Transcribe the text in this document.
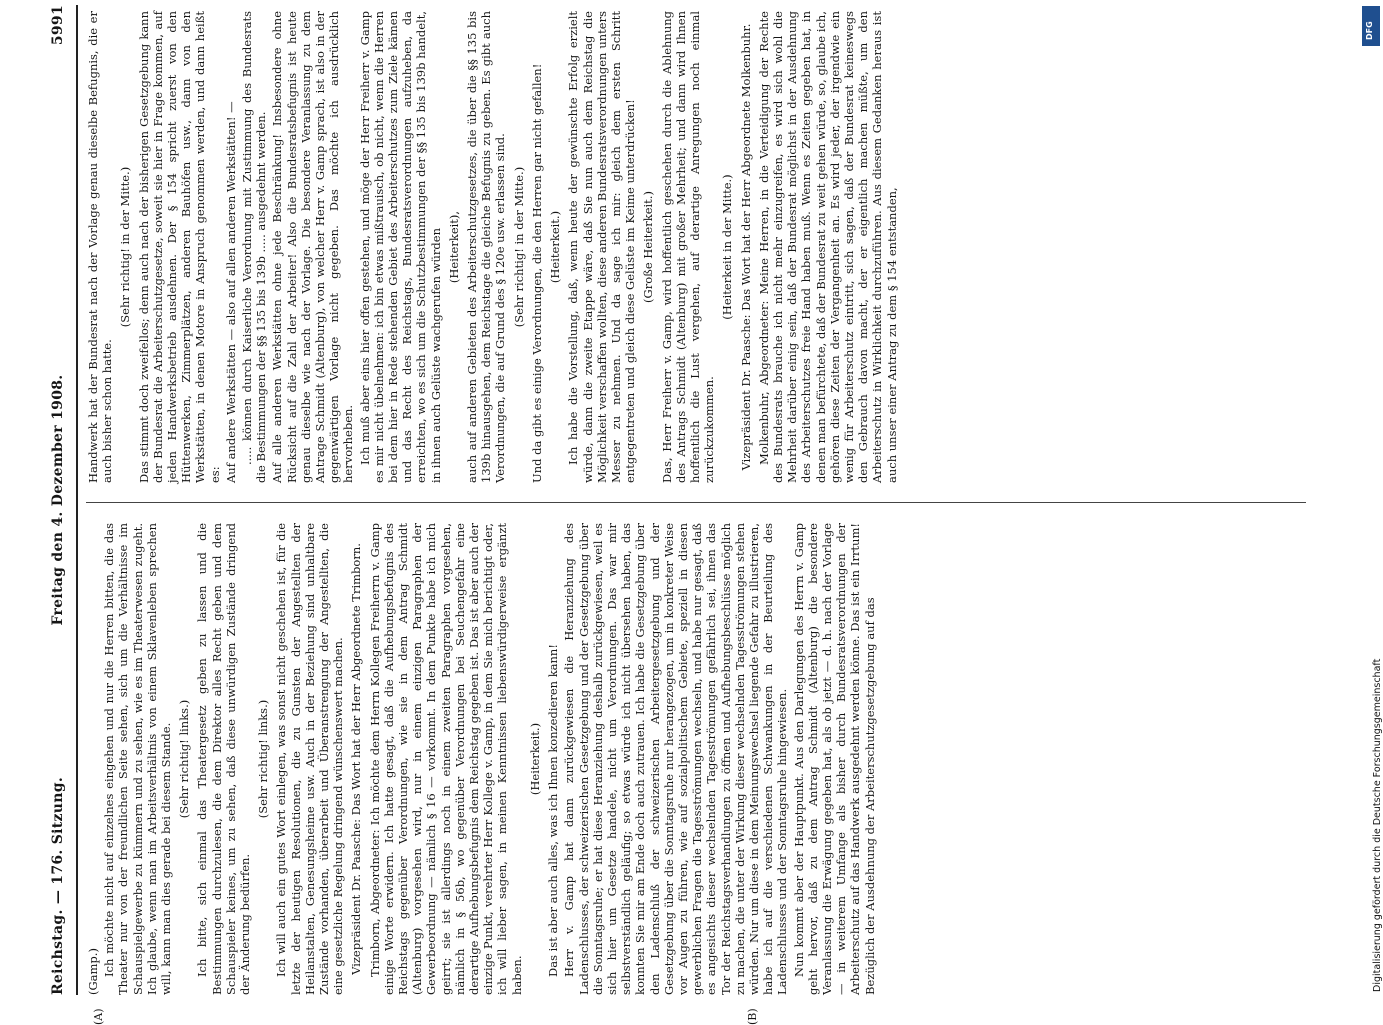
Reichstag. — 176. Sitzung.
Freitag den 4. Dezember 1908.
5991

(Gamp.) Ich möchte nicht auf einzelnes eingehen und nur die Herren bitten, die das Theater nur von der freundlichen Seite sehen, sich um die Verhältnisse im Schauspielgewerbe zu kümmern und zu sehen, wie es im Theaterwesen zugeht. Ich glaube, wenn man im Arbeitsverhältnis von einem Sklavenleben sprechen will, kann man dies gerade bei diesem Stande. (Sehr richtig! links.) Ich bitte, sich einmal das Theatergesetz geben zu lassen und die Bestimmungen durchzulesen, die dem Direktor alles Recht geben und dem Schauspieler keines, um zu sehen, daß diese unwürdigen Zustände dringend der Änderung bedürfen.

(Sehr richtig! links.) Ich will auch ein gutes Wort einlegen, was sonst nicht geschehen ist, für die letzte der heutigen Resolutionen, die zu Gunsten der Angestellten der Heilanstalten, Genesungsheime usw. Auch in der Beziehung sind unhaltbare Zustände vorhanden, überarbeit und Überanstrengung der Angestellten, die eine gesetzliche Regelung dringend wünschenswert machen. Vizepräsident Dr. Paasche: Das Wort hat der Herr Abgeordnete Trimborn. Trimborn, Abgeordneter: Ich möchte dem Herrn Kollegen Freiherrn v. Gamp einige Worte erwidern. Ich hatte gesagt, daß die Aufhebungsbefugnis des Reichstags gegenüber Verordnungen, wie sie in dem Antrag Schmidt (Altenburg) vorgesehen wird, nur in einem einzigen Paragraphen der Gewerbeordnung — nämlich § 16 — vorkommt. In dem Punkte habe ich mich geirrt; sie ist allerdings noch in einem zweiten Paragraphen vorgesehen, nämlich in § 56b, wo gegenüber Verordnungen bei Seuchengefahr eine derartige Aufhebungsbefugnis dem Reichstag gegeben ist. Das ist aber auch der einzige Punkt, verehrter Herr Kollege v. Gamp, in dem Sie mich berichtigt oder, ich will lieber sagen, in meinen Kenntnissen liebenswürdigerweise ergänzt haben.

(Heiterkeit.) Das ist aber auch alles, was ich Ihnen konzedieren kann! Herr v. Gamp hat dann zurückgewiesen die Heranziehung des Ladenschlusses, der schweizerischen Gesetzgebung und der Gesetzgebung über die Sonntagsruhe; er hat diese Heranziehung deshalb zurückgewiesen, weil es sich hier um Gesetze handele, nicht um Verordnungen. Das war mir selbstverständlich geläufig; so etwas würde ich nicht übersehen haben, das konnten Sie mir am Ende doch auch zutrauen. Ich habe die Gesetzgebung über den Ladenschluß der schweizerischen Arbeitergesetzgebung und der Gesetzgebung über die Sonntagsruhe nur herangezogen, um in konkreter Weise vor Augen zu führen, wie auf sozialpolitischem Gebiete, speziell in diesen gewerblichen Fragen die Tagesströmungen wechseln, und habe nur gesagt, daß es angesichts dieser wechselnden Tagesströmungen gefährlich sei, ihnen das Tor der Reichstagsverhandlungen zu öffnen und Aufhebungsbeschlüsse möglich zu machen, die unter der Wirkung dieser wechselnden Tagesströmungen stehen würden. Nur um diese in dem Meinungswechsel liegende Gefahr zu illustrieren, habe ich auf die verschiedenen Schwankungen in der Beurteilung des Ladenschlusses und der Sonntagsruhe hingewiesen. Nun kommt aber der Hauptpunkt. Aus den Darlegungen des Herrn v. Gamp geht hervor, daß zu dem Antrag Schmidt (Altenburg) die besondere Veranlassung die Erwägung gegeben hat, als ob jetzt — d. h. nach der Vorlage — in weiterem Umfange als bisher durch Bundesratsverordnungen der Arbeiterschutz auf das Handwerk ausgedehnt werden könne. Das ist ein Irrtum! Bezüglich der Ausdehnung der Arbeiterschutzgesetzgebung auf das

Handwerk hat der Bundesrat nach der Vorlage genau dieselbe Befugnis, die er auch bisher schon hatte.

(Sehr richtig! in der Mitte.) Das stimmt doch zweifellos; denn auch nach der bisherigen Gesetzgebung kann der Bundesrat die Arbeiterschutzgesetze, soweit sie hier in Frage kommen, auf jeden Handwerksbetrieb ausdehnen. Der § 154 spricht zuerst von den Hüttenwerken, Zimmerplätzen, anderen Bauhöfen usw., dann von den Werkstätten, in denen Motore in Anspruch genommen werden, und dann heißt es: Auf andere Werkstätten — also auf allen anderen Werkstätten! — ..... können durch Kaiserliche Verordnung mit Zustimmung des Bundesrats die Bestimmungen der §§ 135 bis 139b ..... ausgedehnt werden. Auf alle anderen Werkstätten ohne jede Beschränkung! Insbesondere ohne Rücksicht auf die Zahl der Arbeiter! Also die Bundesratsbefugnis ist heute genau dieselbe wie nach der Vorlage. Die besondere Veranlassung zu dem Antrage Schmidt (Altenburg), von welcher Herr v. Gamp sprach, ist also in der gegenwärtigen Vorlage nicht gegeben. Das möchte ich ausdrücklich hervorheben. Ich muß aber eins hier offen gestehen, und möge der Herr Freiherr v. Gamp es mir nicht übelnehmen: ich bin etwas mißtrauisch, ob nicht, wenn die Herren bei dem hier in Rede stehenden Gebiet des Arbeiterschutzes zum Ziele kämen und das Recht des Reichstags, Bundesratsverordnungen aufzuheben, da erreichten, wo es sich um die Schutzbestimmungen der §§ 135 bis 139b handelt, in ihnen auch Gelüste wachgerufen würden (Heiterkeit), auch auf anderen Gebieten des Arbeiterschutzgesetzes, die über die §§ 135 bis 139b hinausgehen, dem Reichstage die gleiche Befugnis zu geben. Es gibt auch Verordnungen, die auf Grund des § 120e usw. erlassen sind. (Sehr richtig! in der Mitte.) Und da gibt es einige Verordnungen, die den Herren gar nicht gefallen! (Heiterkeit.) Ich habe die Vorstellung, daß, wenn heute der gewünschte Erfolg erzielt würde, dann die zweite Etappe wäre, daß Sie nun auch dem Reichstag die Möglichkeit verschaffen wollten, diese anderen Bundesratsverordnungen unters Messer zu nehmen. Und da sage ich mir: gleich dem ersten Schritt entgegentreten und gleich diese Gelüste im Keime unterdrücken! (Große Heiterkeit.) Das, Herr Freiherr v. Gamp, wird hoffentlich geschehen durch die Ablehnung des Antrags Schmidt (Altenburg) mit großer Mehrheit; und dann wird Ihnen hoffentlich die Lust vergehen, auf derartige Anregungen noch einmal zurückzukommen.

(Heiterkeit in der Mitte.) Vizepräsident Dr. Paasche: Das Wort hat der Herr Abgeordnete Molkenbuhr. Molkenbuhr, Abgeordneter: Meine Herren, in die Verteidigung der Rechte des Bundesrats brauche ich nicht mehr einzugreifen, es wird sich wohl die Mehrheit darüber einig sein, daß der Bundesrat möglichst in der Ausdehnung des Arbeiterschutzes freie Hand haben muß. Wenn es Zeiten gegeben hat, in denen man befürchtete, daß der Bundesrat zu weit gehen würde, so, glaube ich, gehören diese Zeiten der Vergangenheit an. Es wird jeder, der irgendwie ein wenig für Arbeiterschutz eintritt, sich sagen, daß der Bundesrat keineswegs den Gebrauch davon macht, der er eigentlich machen müßte, um den Arbeiterschutz in Wirklichkeit durchzuführen. Aus diesem Gedanken heraus ist auch unser einer Antrag zu dem § 154 entstanden,

(A)	(B)
DFG
Digitalisierung gefördert durch die Deutsche Forschungsgemeinschaft
